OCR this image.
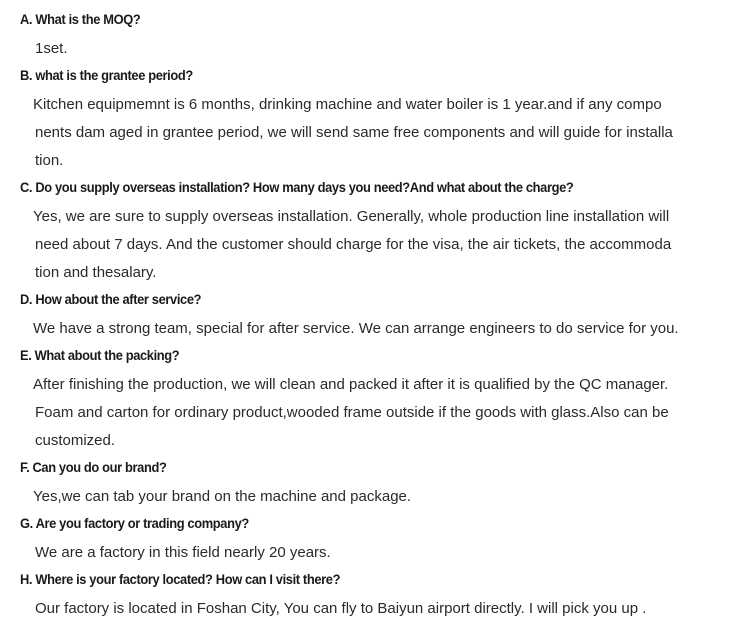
A. What is the MOQ?
1set.
B. what is the grantee period?
Kitchen equipmemnt is 6 months, drinking machine and water boiler is 1 year.and if any compo
nents dam aged in grantee period, we will send same free components and will guide for installa
tion.
C. Do you supply overseas installation? How many days you need?And what about the charge?
Yes, we are sure to supply overseas installation. Generally, whole production line installation will
need about 7 days. And the customer should charge for the visa, the air tickets, the accommoda
tion and thesalary.
D. How about the after service?
We have a strong team, special for after service. We can arrange engineers to do service for you.
E. What about the packing?
After finishing the production, we will clean and packed it after it is qualified by the QC manager.
Foam and carton for ordinary product,wooded frame outside if the goods with glass.Also can be
customized.
F. Can you do our brand?
Yes,we can tab your brand on the machine and package.
G. Are you factory or trading company?
We are a factory in this field nearly 20 years.
H. Where is your factory located? How can I visit there?
Our factory is located in Foshan City, You can fly to Baiyun airport directly. I will pick you up .
